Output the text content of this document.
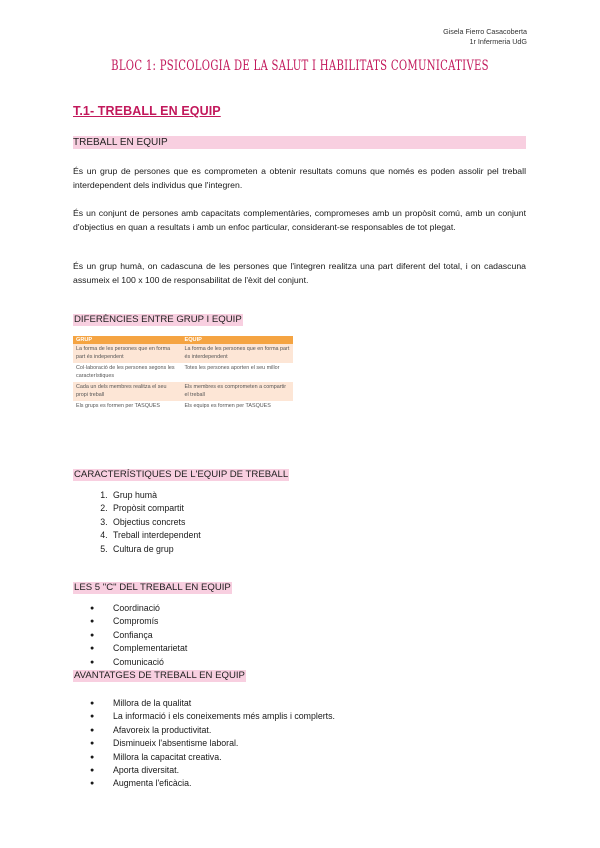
Gisela Fierro Casacoberta
1r Infermeria UdG
BLOC 1: PSICOLOGIA DE LA SALUT I HABILITATS COMUNICATIVES
T.1- TREBALL EN EQUIP
TREBALL EN EQUIP
És un grup de persones que es comprometen a obtenir resultats comuns que només es poden assolir pel treball interdependent dels individus que l'integren.
És un conjunt de persones amb capacitats complementàries, compromeses amb un propòsit comú, amb un conjunt d'objectius en quan a resultats i amb un enfoc particular, considerant-se responsables de tot plegat.
És un grup humà, on cadascuna de les persones que l'integren realitza una part diferent del total, i on cadascuna assumeix el 100 x 100 de responsabilitat de l'èxit del conjunt.
DIFERÈNCIES ENTRE GRUP I EQUIP
GRUP	EQUIP
La forma de les persones que en forma part és independent	La forma de les persones que en forma part és interdependent
Col·laboració de les persones segons les característiques	Totes les persones aporten el seu millor
Cada un dels membres realitza el seu propi treball	Els membres es comprometen a compartir el treball
Els grups es formen per TASQUES	Els equips es formen per TASQUES
CARACTERÍSTIQUES DE L'EQUIP DE TREBALL
1. Grup humà
2. Propòsit compartit
3. Objectius concrets
4. Treball interdependent
5. Cultura de grup
LES 5 "C" DEL TREBALL EN EQUIP
● Coordinació
● Compromís
● Confiança
● Complementarietat
● Comunicació
AVANTATGES DE TREBALL EN EQUIP
● Millora de la qualitat
● La informació i els coneixements més amplis i complerts.
● Afavoreix la productivitat.
● Disminueix l'absentisme laboral.
● Millora la capacitat creativa.
● Aporta diversitat.
● Augmenta l'eficàcia.
